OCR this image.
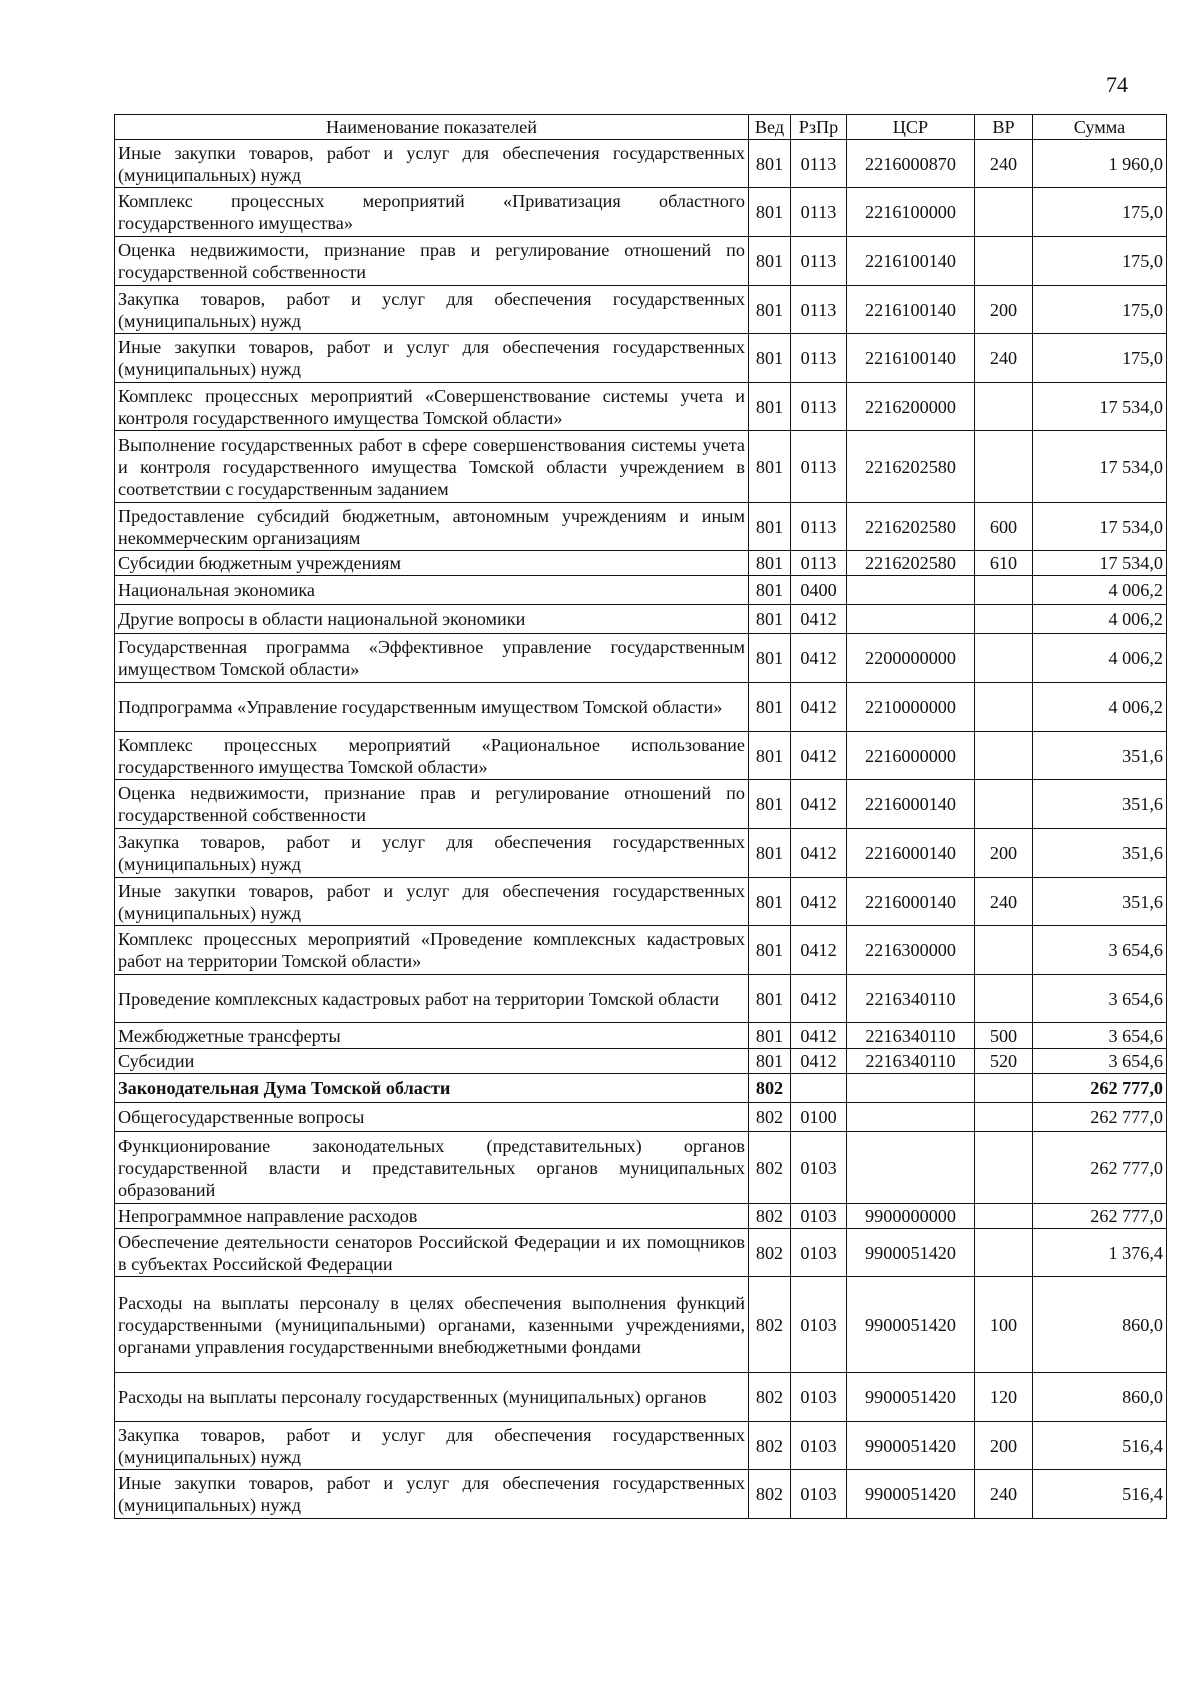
74
Наименование показателей	Вед	РзПр	ЦСР	ВР	Сумма
Иные закупки товаров, работ и услуг для обеспечения государственных (муниципальных) нужд	801	0113	2216000870	240	1 960,0
Комплекс процессных мероприятий «Приватизация областного государственного имущества»	801	0113	2216100000		175,0
Оценка недвижимости, признание прав и регулирование отношений по государственной собственности	801	0113	2216100140		175,0
Закупка товаров, работ и услуг для обеспечения государственных (муниципальных) нужд	801	0113	2216100140	200	175,0
Иные закупки товаров, работ и услуг для обеспечения государственных (муниципальных) нужд	801	0113	2216100140	240	175,0
Комплекс процессных мероприятий «Совершенствование системы учета и контроля государственного имущества Томской области»	801	0113	2216200000		17 534,0
Выполнение государственных работ в сфере совершенствования системы учета и контроля государственного имущества Томской области учреждением в соответствии с государственным заданием	801	0113	2216202580		17 534,0
Предоставление субсидий бюджетным, автономным учреждениям и иным некоммерческим организациям	801	0113	2216202580	600	17 534,0
Субсидии бюджетным учреждениям	801	0113	2216202580	610	17 534,0
Национальная экономика	801	0400			4 006,2
Другие вопросы в области национальной экономики	801	0412			4 006,2
Государственная программа «Эффективное управление государственным имуществом Томской области»	801	0412	2200000000		4 006,2
Подпрограмма «Управление государственным имуществом Томской области»	801	0412	2210000000		4 006,2
Комплекс процессных мероприятий «Рациональное использование государственного имущества Томской области»	801	0412	2216000000		351,6
Оценка недвижимости, признание прав и регулирование отношений по государственной собственности	801	0412	2216000140		351,6
Закупка товаров, работ и услуг для обеспечения государственных (муниципальных) нужд	801	0412	2216000140	200	351,6
Иные закупки товаров, работ и услуг для обеспечения государственных (муниципальных) нужд	801	0412	2216000140	240	351,6
Комплекс процессных мероприятий «Проведение комплексных кадастровых работ на территории Томской области»	801	0412	2216300000		3 654,6
Проведение комплексных кадастровых работ на территории Томской области	801	0412	2216340110		3 654,6
Межбюджетные трансферты	801	0412	2216340110	500	3 654,6
Субсидии	801	0412	2216340110	520	3 654,6
Законодательная Дума Томской области	802				262 777,0
Общегосударственные вопросы	802	0100			262 777,0
Функционирование законодательных (представительных) органов государственной власти и представительных органов муниципальных образований	802	0103			262 777,0
Непрограммное направление расходов	802	0103	9900000000		262 777,0
Обеспечение деятельности сенаторов Российской Федерации и их помощников в субъектах Российской Федерации	802	0103	9900051420		1 376,4
Расходы на выплаты персоналу в целях обеспечения выполнения функций государственными (муниципальными) органами, казенными учреждениями, органами управления государственными внебюджетными фондами	802	0103	9900051420	100	860,0
Расходы на выплаты персоналу государственных (муниципальных) органов	802	0103	9900051420	120	860,0
Закупка товаров, работ и услуг для обеспечения государственных (муниципальных) нужд	802	0103	9900051420	200	516,4
Иные закупки товаров, работ и услуг для обеспечения государственных (муниципальных) нужд	802	0103	9900051420	240	516,4
